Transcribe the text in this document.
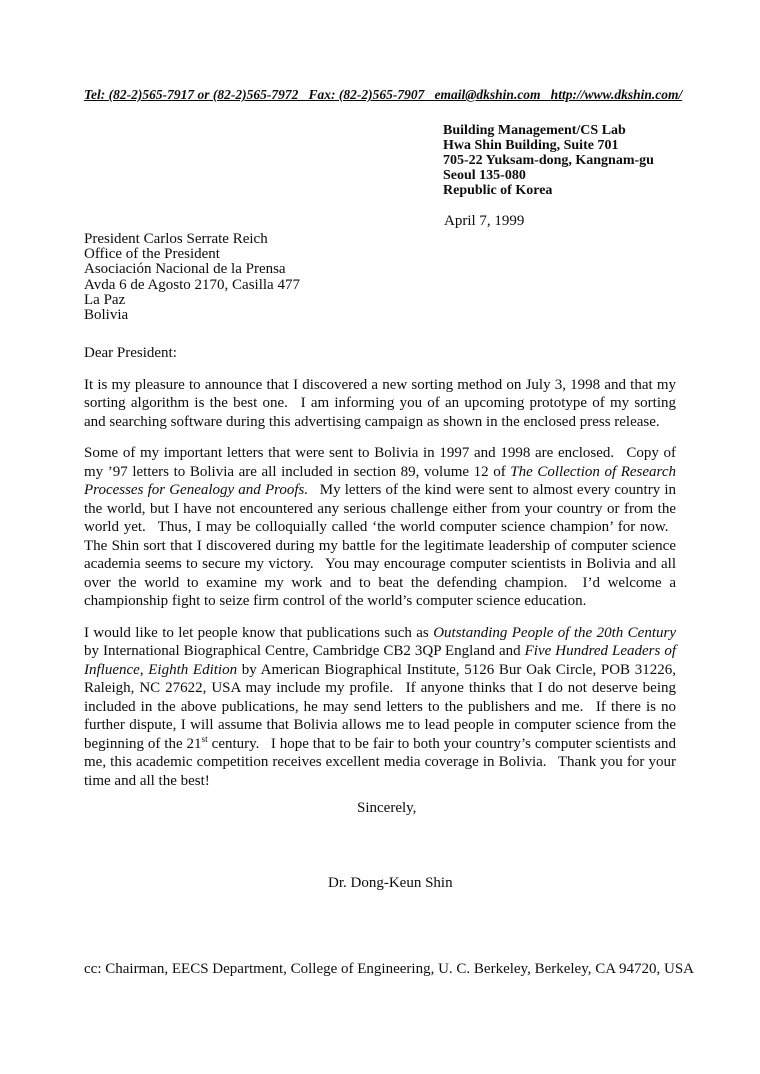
Tel: (82-2)565-7917 or (82-2)565-7972   Fax: (82-2)565-7907   email@dkshin.com   http://www.dkshin.com/
Building Management/CS Lab
Hwa Shin Building, Suite 701
705-22 Yuksam-dong, Kangnam-gu
Seoul 135-080
Republic of Korea
April 7, 1999
President Carlos Serrate Reich
Office of the President
Asociación Nacional de la Prensa
Avda 6 de Agosto 2170, Casilla 477
La Paz
Bolivia
Dear President:

It is my pleasure to announce that I discovered a new sorting method on July 3, 1998 and that my sorting algorithm is the best one.  I am informing you of an upcoming prototype of my sorting and searching software during this advertising campaign as shown in the enclosed press release.

Some of my important letters that were sent to Bolivia in 1997 and 1998 are enclosed.  Copy of my ’97 letters to Bolivia are all included in section 89, volume 12 of The Collection of Research Processes for Genealogy and Proofs.  My letters of the kind were sent to almost every country in the world, but I have not encountered any serious challenge either from your country or from the world yet.  Thus, I may be colloquially called ‘the world computer science champion’ for now.  The Shin sort that I discovered during my battle for the legitimate leadership of computer science academia seems to secure my victory.  You may encourage computer scientists in Bolivia and all over the world to examine my work and to beat the defending champion.  I’d welcome a championship fight to seize firm control of the world’s computer science education.

I would like to let people know that publications such as Outstanding People of the 20th Century by International Biographical Centre, Cambridge CB2 3QP England and Five Hundred Leaders of Influence, Eighth Edition by American Biographical Institute, 5126 Bur Oak Circle, POB 31226, Raleigh, NC 27622, USA may include my profile.  If anyone thinks that I do not deserve being included in the above publications, he may send letters to the publishers and me.  If there is no further dispute, I will assume that Bolivia allows me to lead people in computer science from the beginning of the 21st century.  I hope that to be fair to both your country’s computer scientists and me, this academic competition receives excellent media coverage in Bolivia.  Thank you for your time and all the best!

Sincerely,
Dr. Dong-Keun Shin
cc: Chairman, EECS Department, College of Engineering, U. C. Berkeley, Berkeley, CA 94720, USA
